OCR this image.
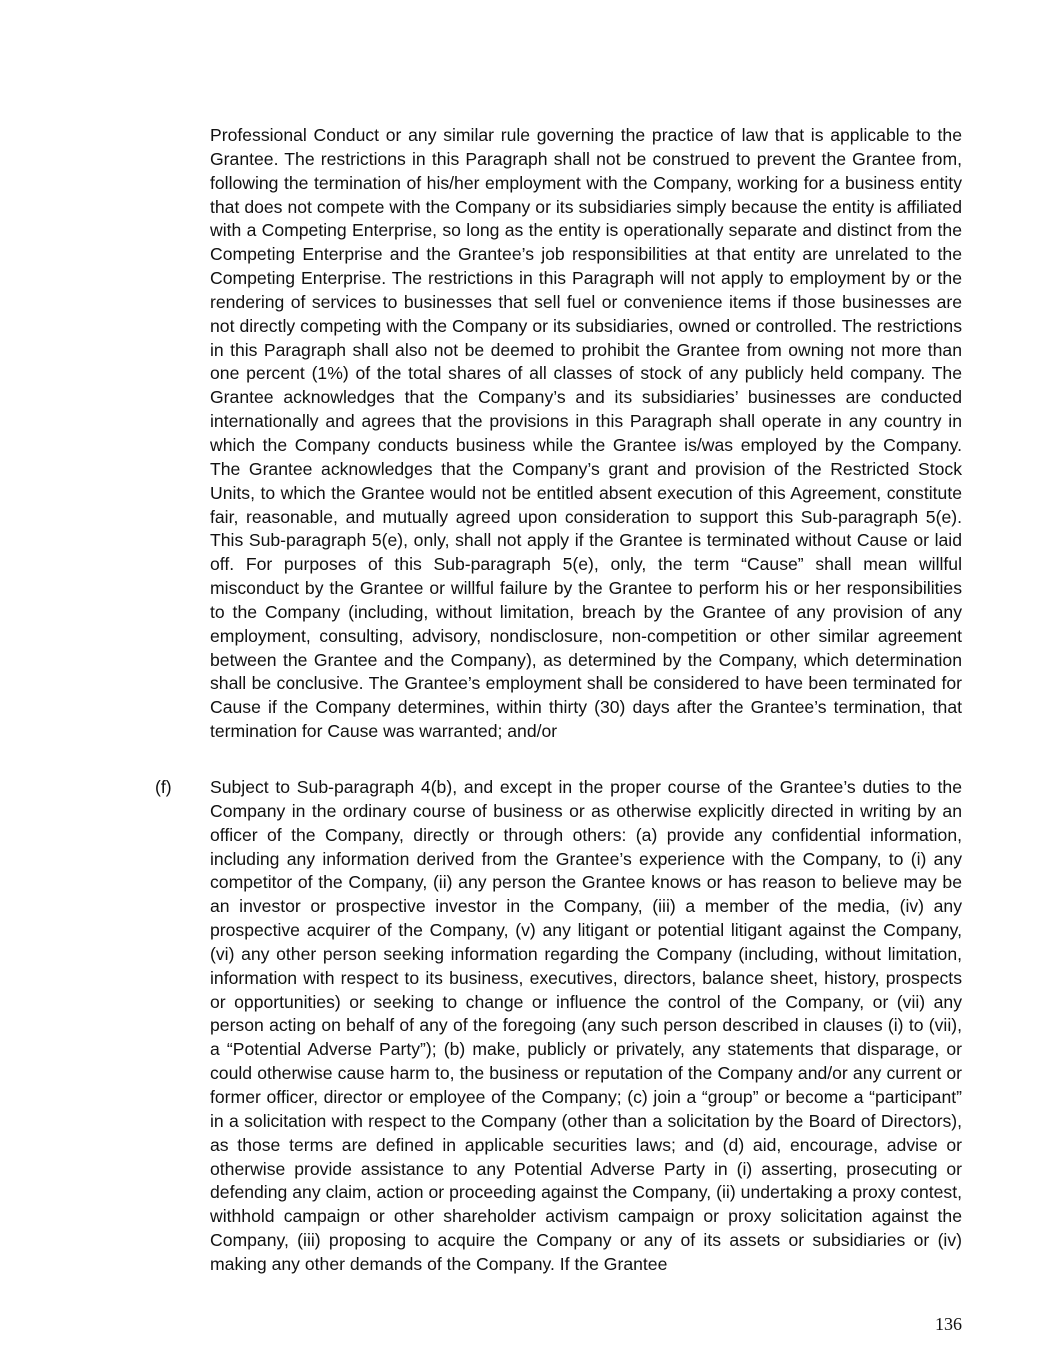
Professional Conduct or any similar rule governing the practice of law that is applicable to the Grantee. The restrictions in this Paragraph shall not be construed to prevent the Grantee from, following the termination of his/her employment with the Company, working for a business entity that does not compete with the Company or its subsidiaries simply because the entity is affiliated with a Competing Enterprise, so long as the entity is operationally separate and distinct from the Competing Enterprise and the Grantee’s job responsibilities at that entity are unrelated to the Competing Enterprise. The restrictions in this Paragraph will not apply to employment by or the rendering of services to businesses that sell fuel or convenience items if those businesses are not directly competing with the Company or its subsidiaries, owned or controlled. The restrictions in this Paragraph shall also not be deemed to prohibit the Grantee from owning not more than one percent (1%) of the total shares of all classes of stock of any publicly held company. The Grantee acknowledges that the Company’s and its subsidiaries’ businesses are conducted internationally and agrees that the provisions in this Paragraph shall operate in any country in which the Company conducts business while the Grantee is/was employed by the Company. The Grantee acknowledges that the Company’s grant and provision of the Restricted Stock Units, to which the Grantee would not be entitled absent execution of this Agreement, constitute fair, reasonable, and mutually agreed upon consideration to support this Sub-paragraph 5(e). This Sub-paragraph 5(e), only, shall not apply if the Grantee is terminated without Cause or laid off. For purposes of this Sub-paragraph 5(e), only, the term “Cause” shall mean willful misconduct by the Grantee or willful failure by the Grantee to perform his or her responsibilities to the Company (including, without limitation, breach by the Grantee of any provision of any employment, consulting, advisory, nondisclosure, non-competition or other similar agreement between the Grantee and the Company), as determined by the Company, which determination shall be conclusive. The Grantee’s employment shall be considered to have been terminated for Cause if the Company determines, within thirty (30) days after the Grantee’s termination, that termination for Cause was warranted; and/or

(f) Subject to Sub-paragraph 4(b), and except in the proper course of the Grantee’s duties to the Company in the ordinary course of business or as otherwise explicitly directed in writing by an officer of the Company, directly or through others: (a) provide any confidential information, including any information derived from the Grantee’s experience with the Company, to (i) any competitor of the Company, (ii) any person the Grantee knows or has reason to believe may be an investor or prospective investor in the Company, (iii) a member of the media, (iv) any prospective acquirer of the Company, (v) any litigant or potential litigant against the Company, (vi) any other person seeking information regarding the Company (including, without limitation, information with respect to its business, executives, directors, balance sheet, history, prospects or opportunities) or seeking to change or influence the control of the Company, or (vii) any person acting on behalf of any of the foregoing (any such person described in clauses (i) to (vii), a “Potential Adverse Party”); (b) make, publicly or privately, any statements that disparage, or could otherwise cause harm to, the business or reputation of the Company and/or any current or former officer, director or employee of the Company; (c) join a “group” or become a “participant” in a solicitation with respect to the Company (other than a solicitation by the Board of Directors), as those terms are defined in applicable securities laws; and (d) aid, encourage, advise or otherwise provide assistance to any Potential Adverse Party in (i) asserting, prosecuting or defending any claim, action or proceeding against the Company, (ii) undertaking a proxy contest, withhold campaign or other shareholder activism campaign or proxy solicitation against the Company, (iii) proposing to acquire the Company or any of its assets or subsidiaries or (iv) making any other demands of the Company. If the Grantee

136
